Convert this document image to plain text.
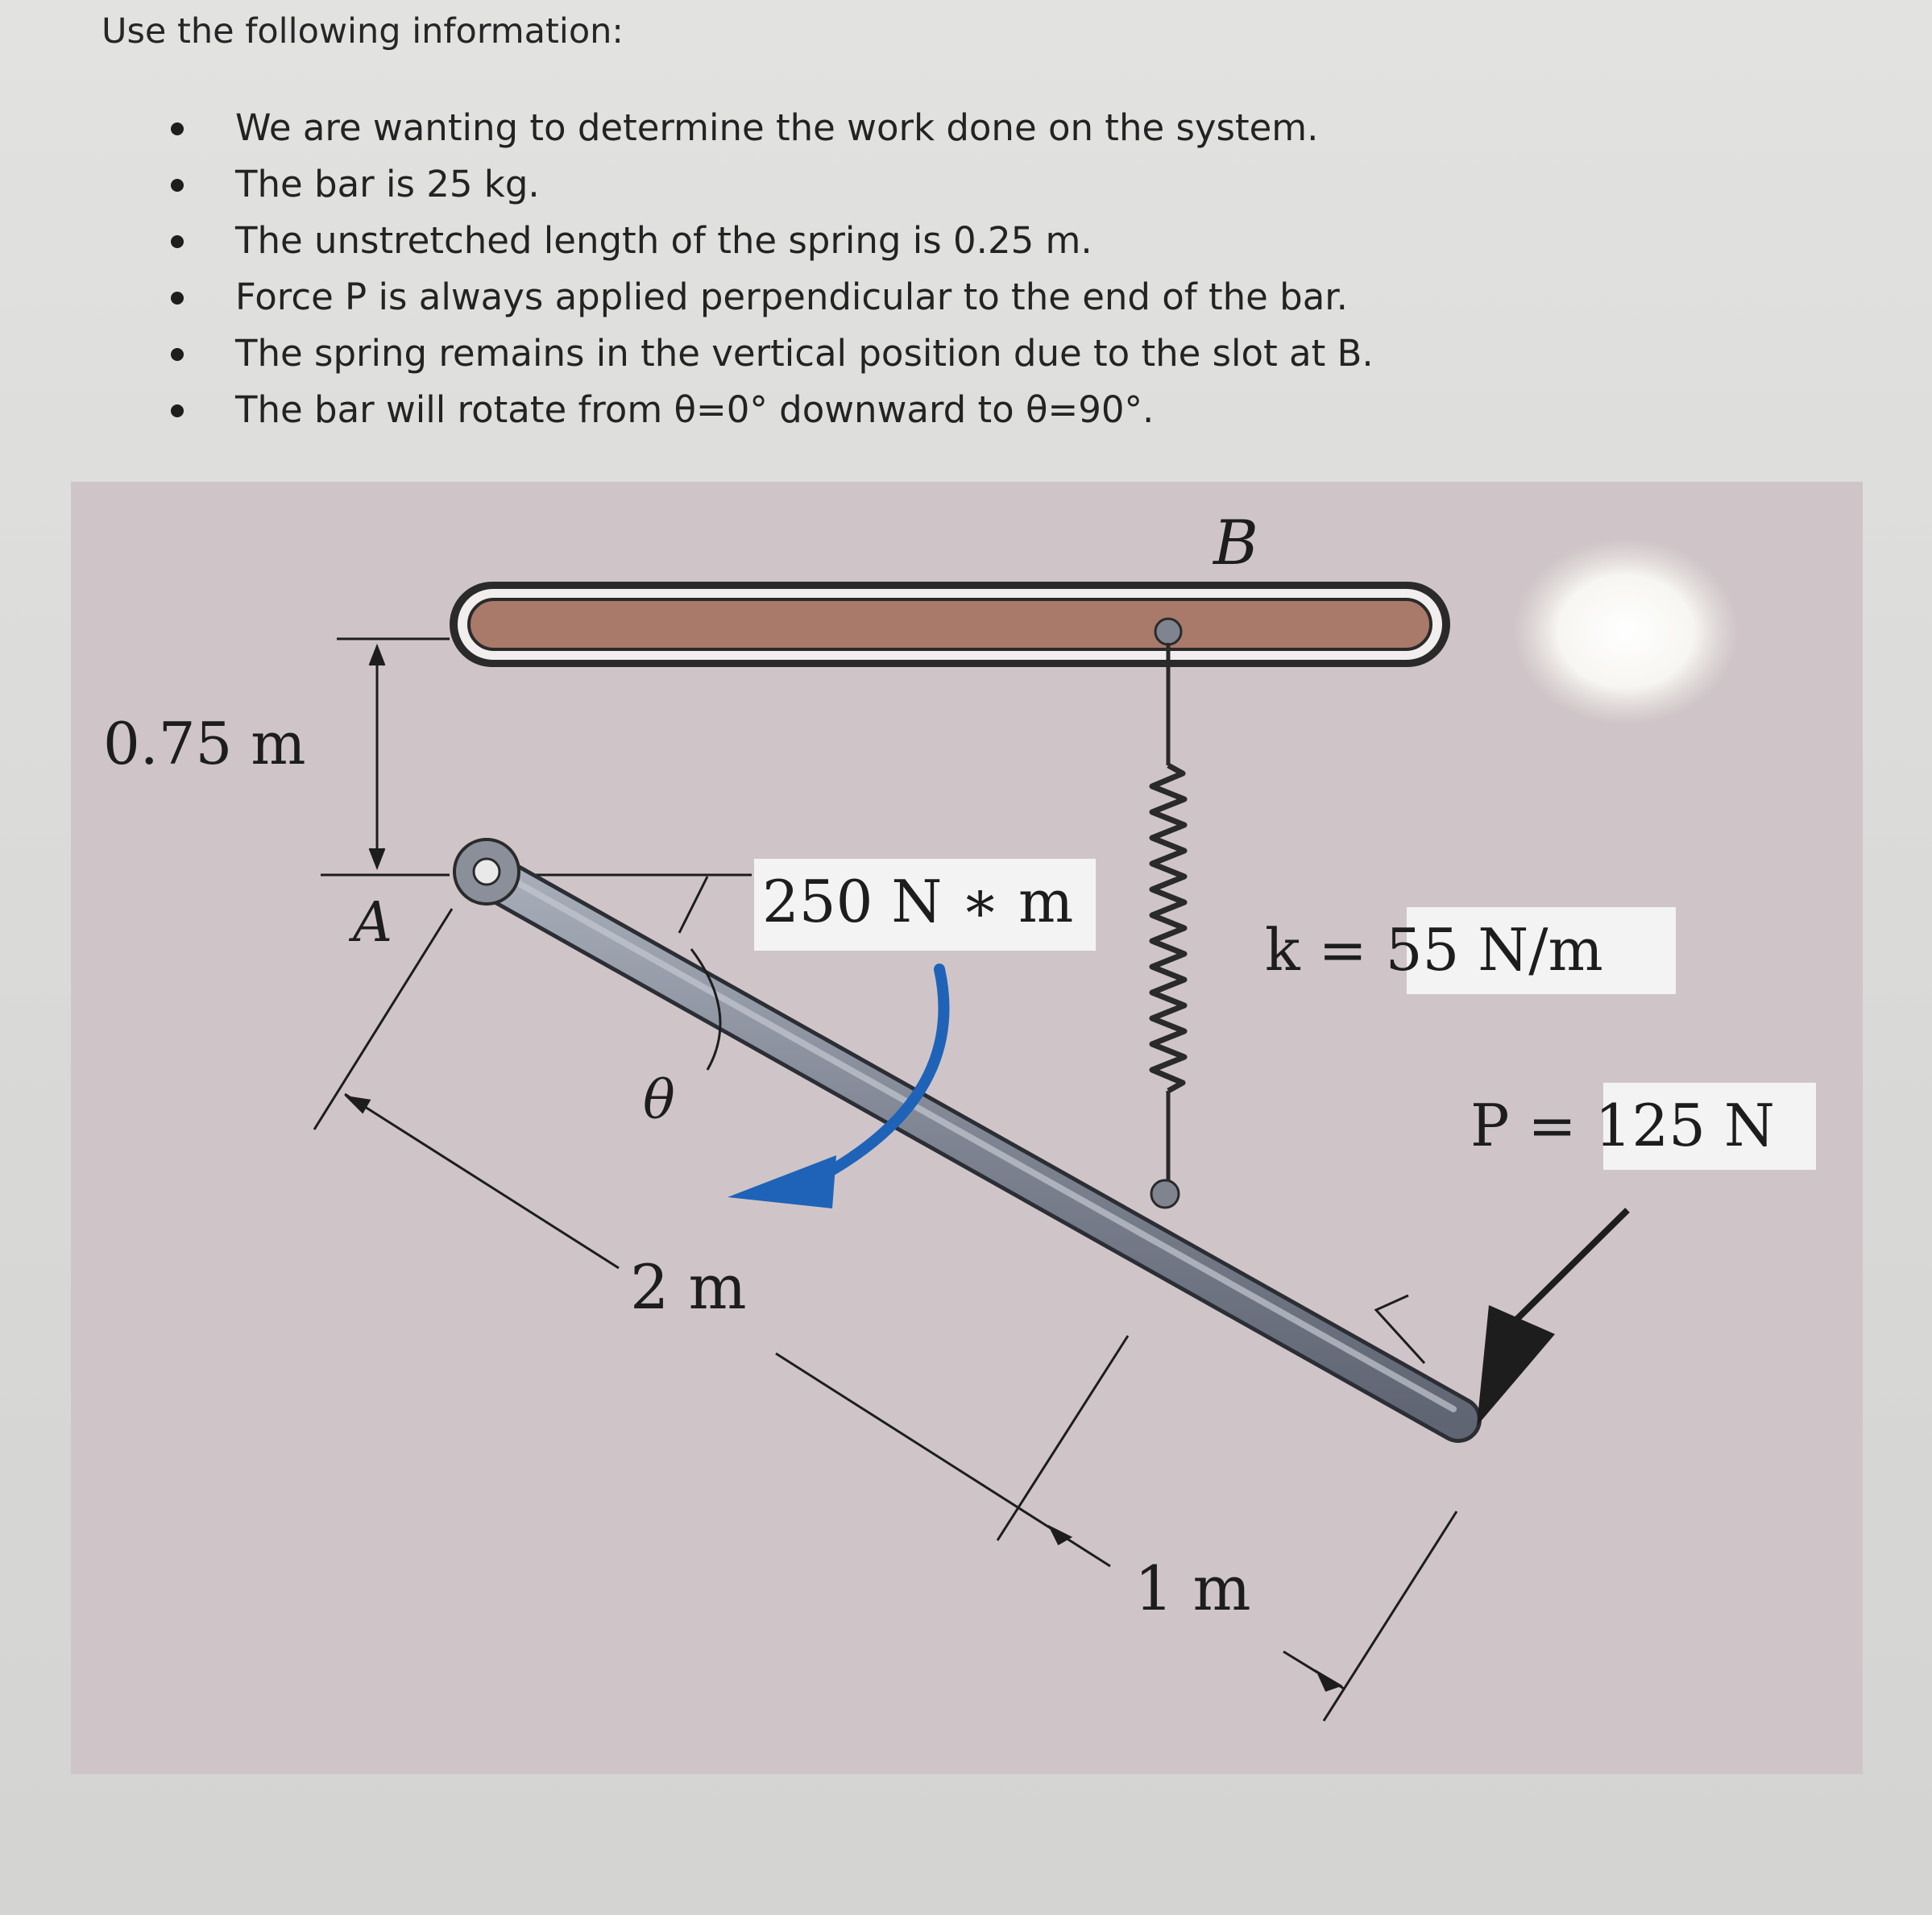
Use the following information:
We are wanting to determine the work done on the system.
The bar is 25 kg.
The unstretched length of the spring is 0.25 m.
Force P is always applied perpendicular to the end of the bar.
The spring remains in the vertical position due to the slot at B.
The bar will rotate from θ=0° downward to θ=90°.
B
A
0.75 m
250 N ∗ m
k = 55 N/m
P = 125 N
θ
2 m
1 m
